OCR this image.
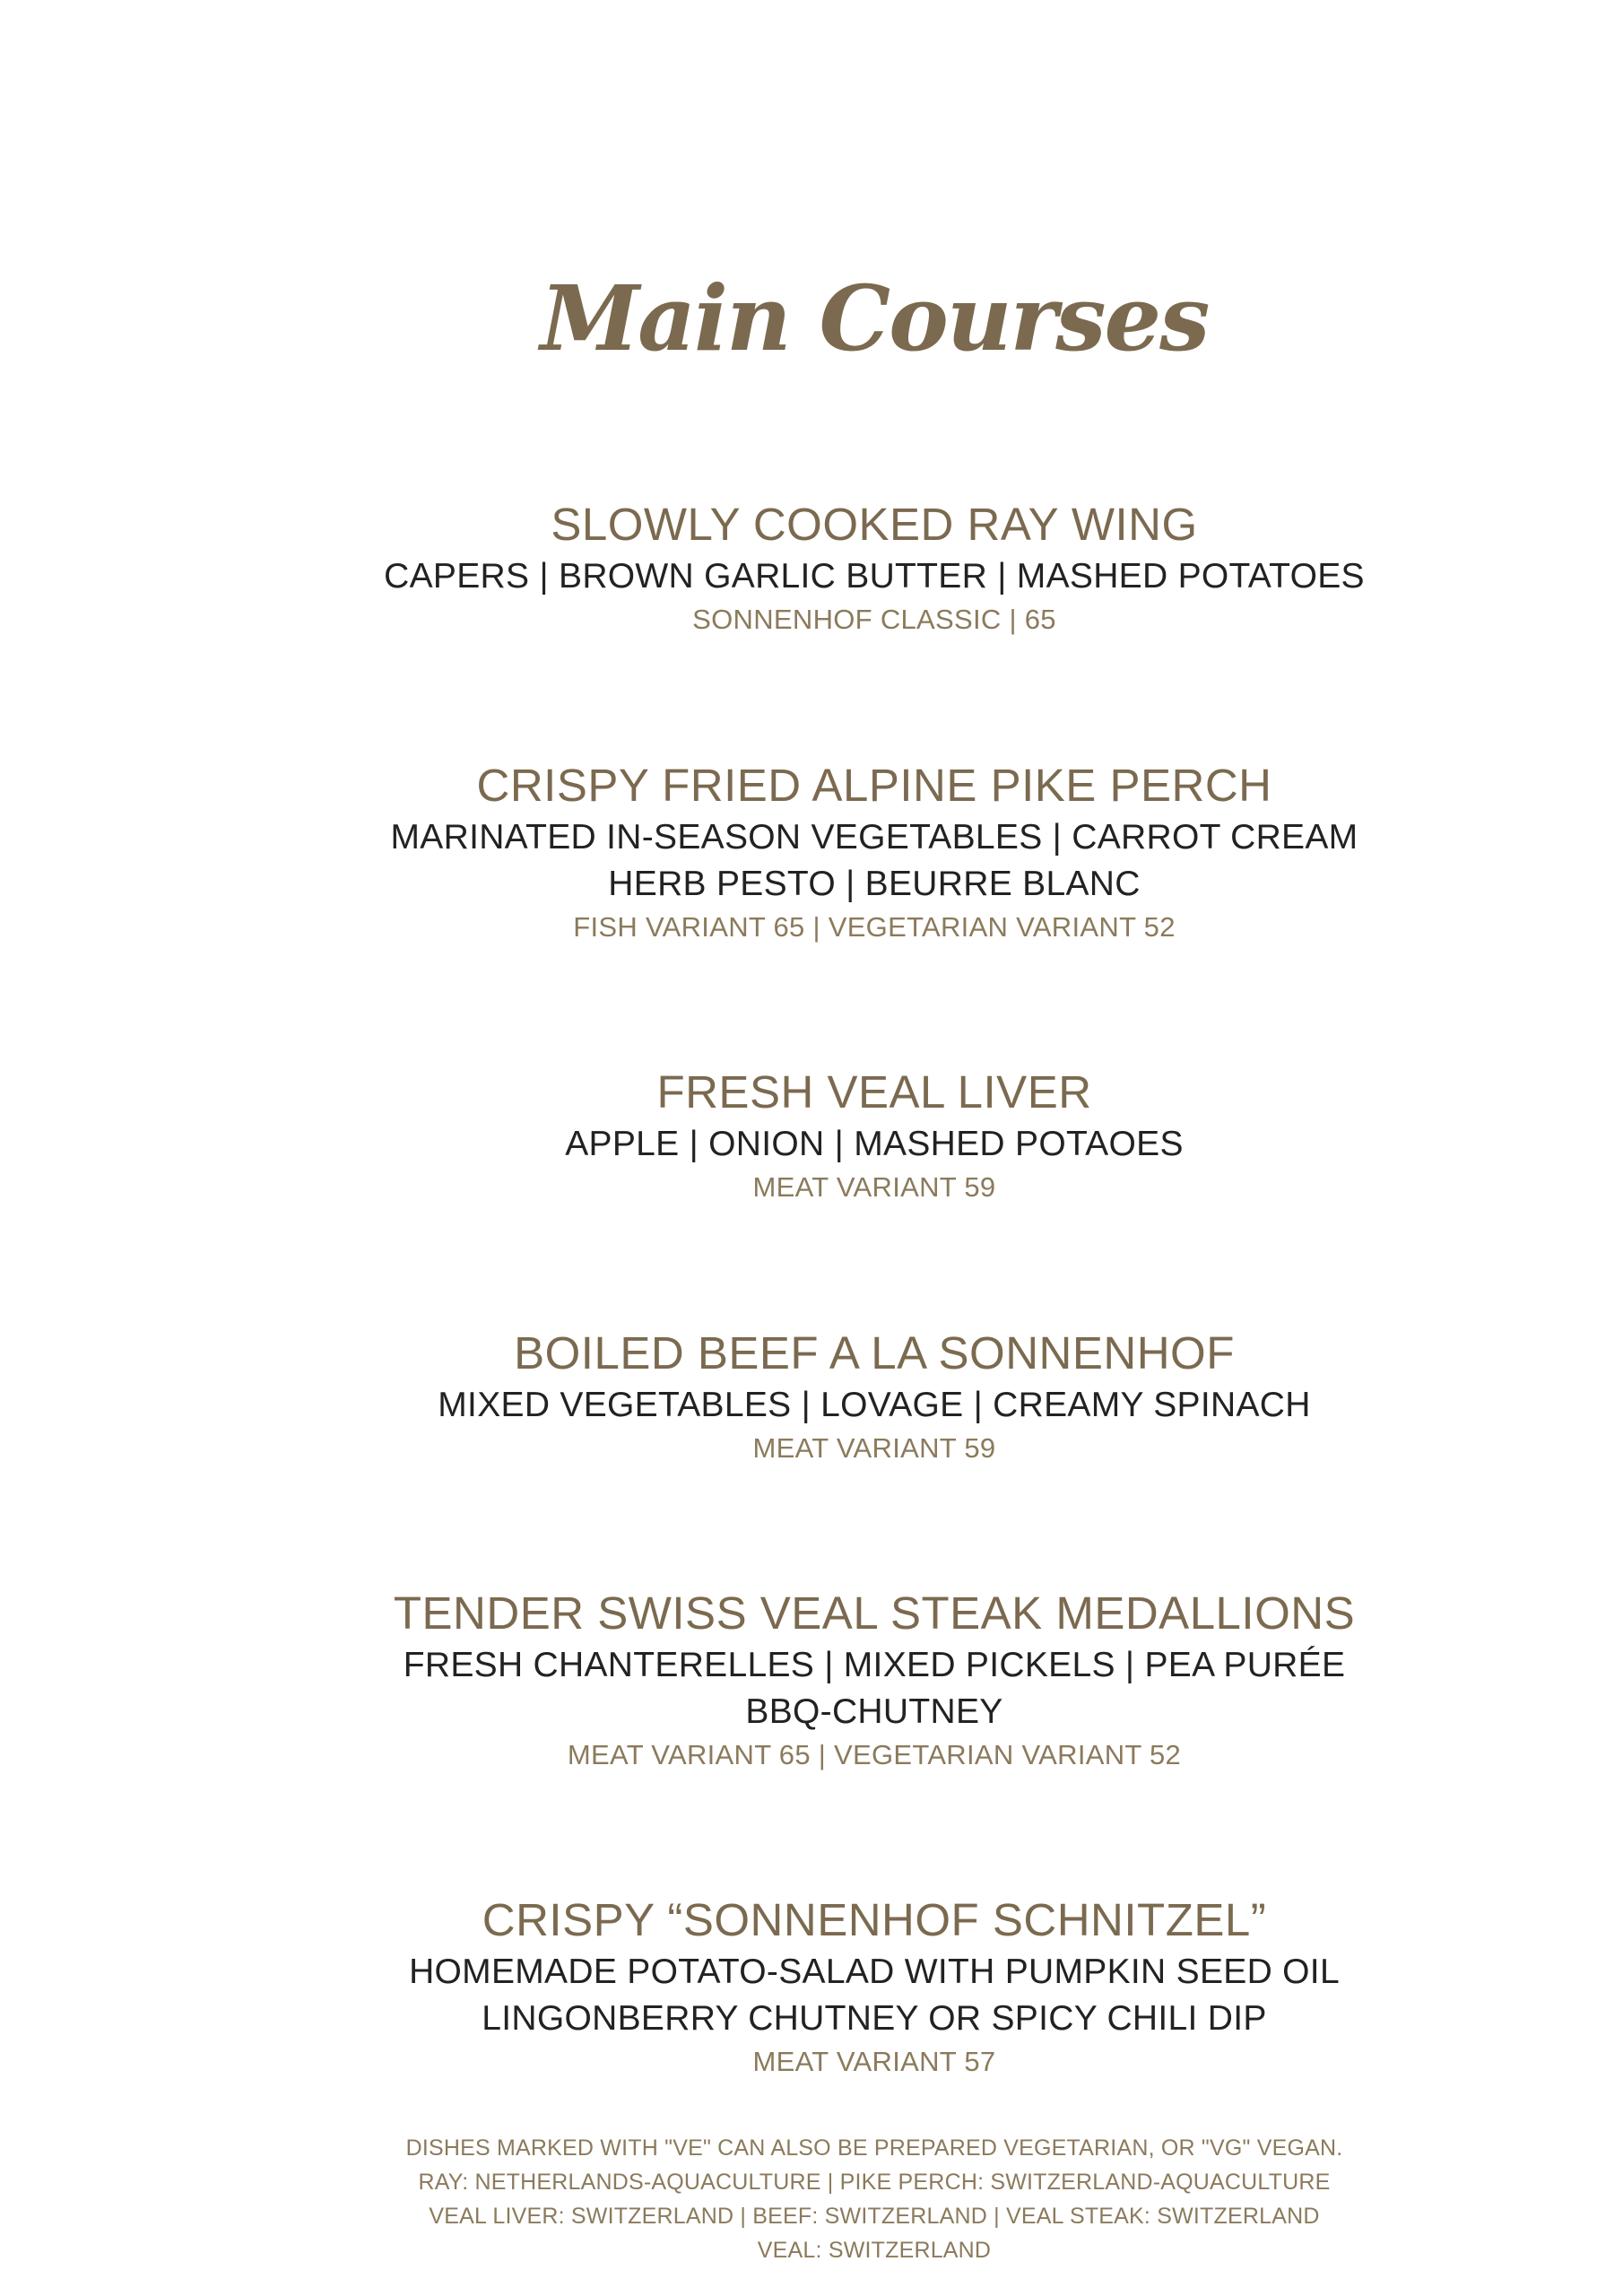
Main Courses
SLOWLY COOKED RAY WING
CAPERS | BROWN GARLIC BUTTER | MASHED POTATOES
SONNENHOF CLASSIC | 65
CRISPY FRIED ALPINE PIKE PERCH
MARINATED IN-SEASON VEGETABLES | CARROT CREAM
HERB PESTO | BEURRE BLANC
FISH VARIANT 65 | VEGETARIAN VARIANT 52
FRESH VEAL LIVER
APPLE | ONION | MASHED POTAOES
MEAT VARIANT 59
BOILED BEEF A LA SONNENHOF
MIXED VEGETABLES | LOVAGE | CREAMY SPINACH
MEAT VARIANT 59
TENDER SWISS VEAL STEAK MEDALLIONS
FRESH CHANTERELLES | MIXED PICKELS | PEA PURÉE
BBQ-CHUTNEY
MEAT VARIANT 65 | VEGETARIAN VARIANT 52
CRISPY “SONNENHOF SCHNITZEL”
HOMEMADE POTATO-SALAD WITH PUMPKIN SEED OIL
LINGONBERRY CHUTNEY OR SPICY CHILI DIP
MEAT VARIANT 57
DISHES MARKED WITH "VE" CAN ALSO BE PREPARED VEGETARIAN, OR "VG" VEGAN.
RAY: NETHERLANDS-AQUACULTURE | PIKE PERCH: SWITZERLAND-AQUACULTURE
VEAL LIVER: SWITZERLAND | BEEF: SWITZERLAND | VEAL STEAK: SWITZERLAND
VEAL: SWITZERLAND
